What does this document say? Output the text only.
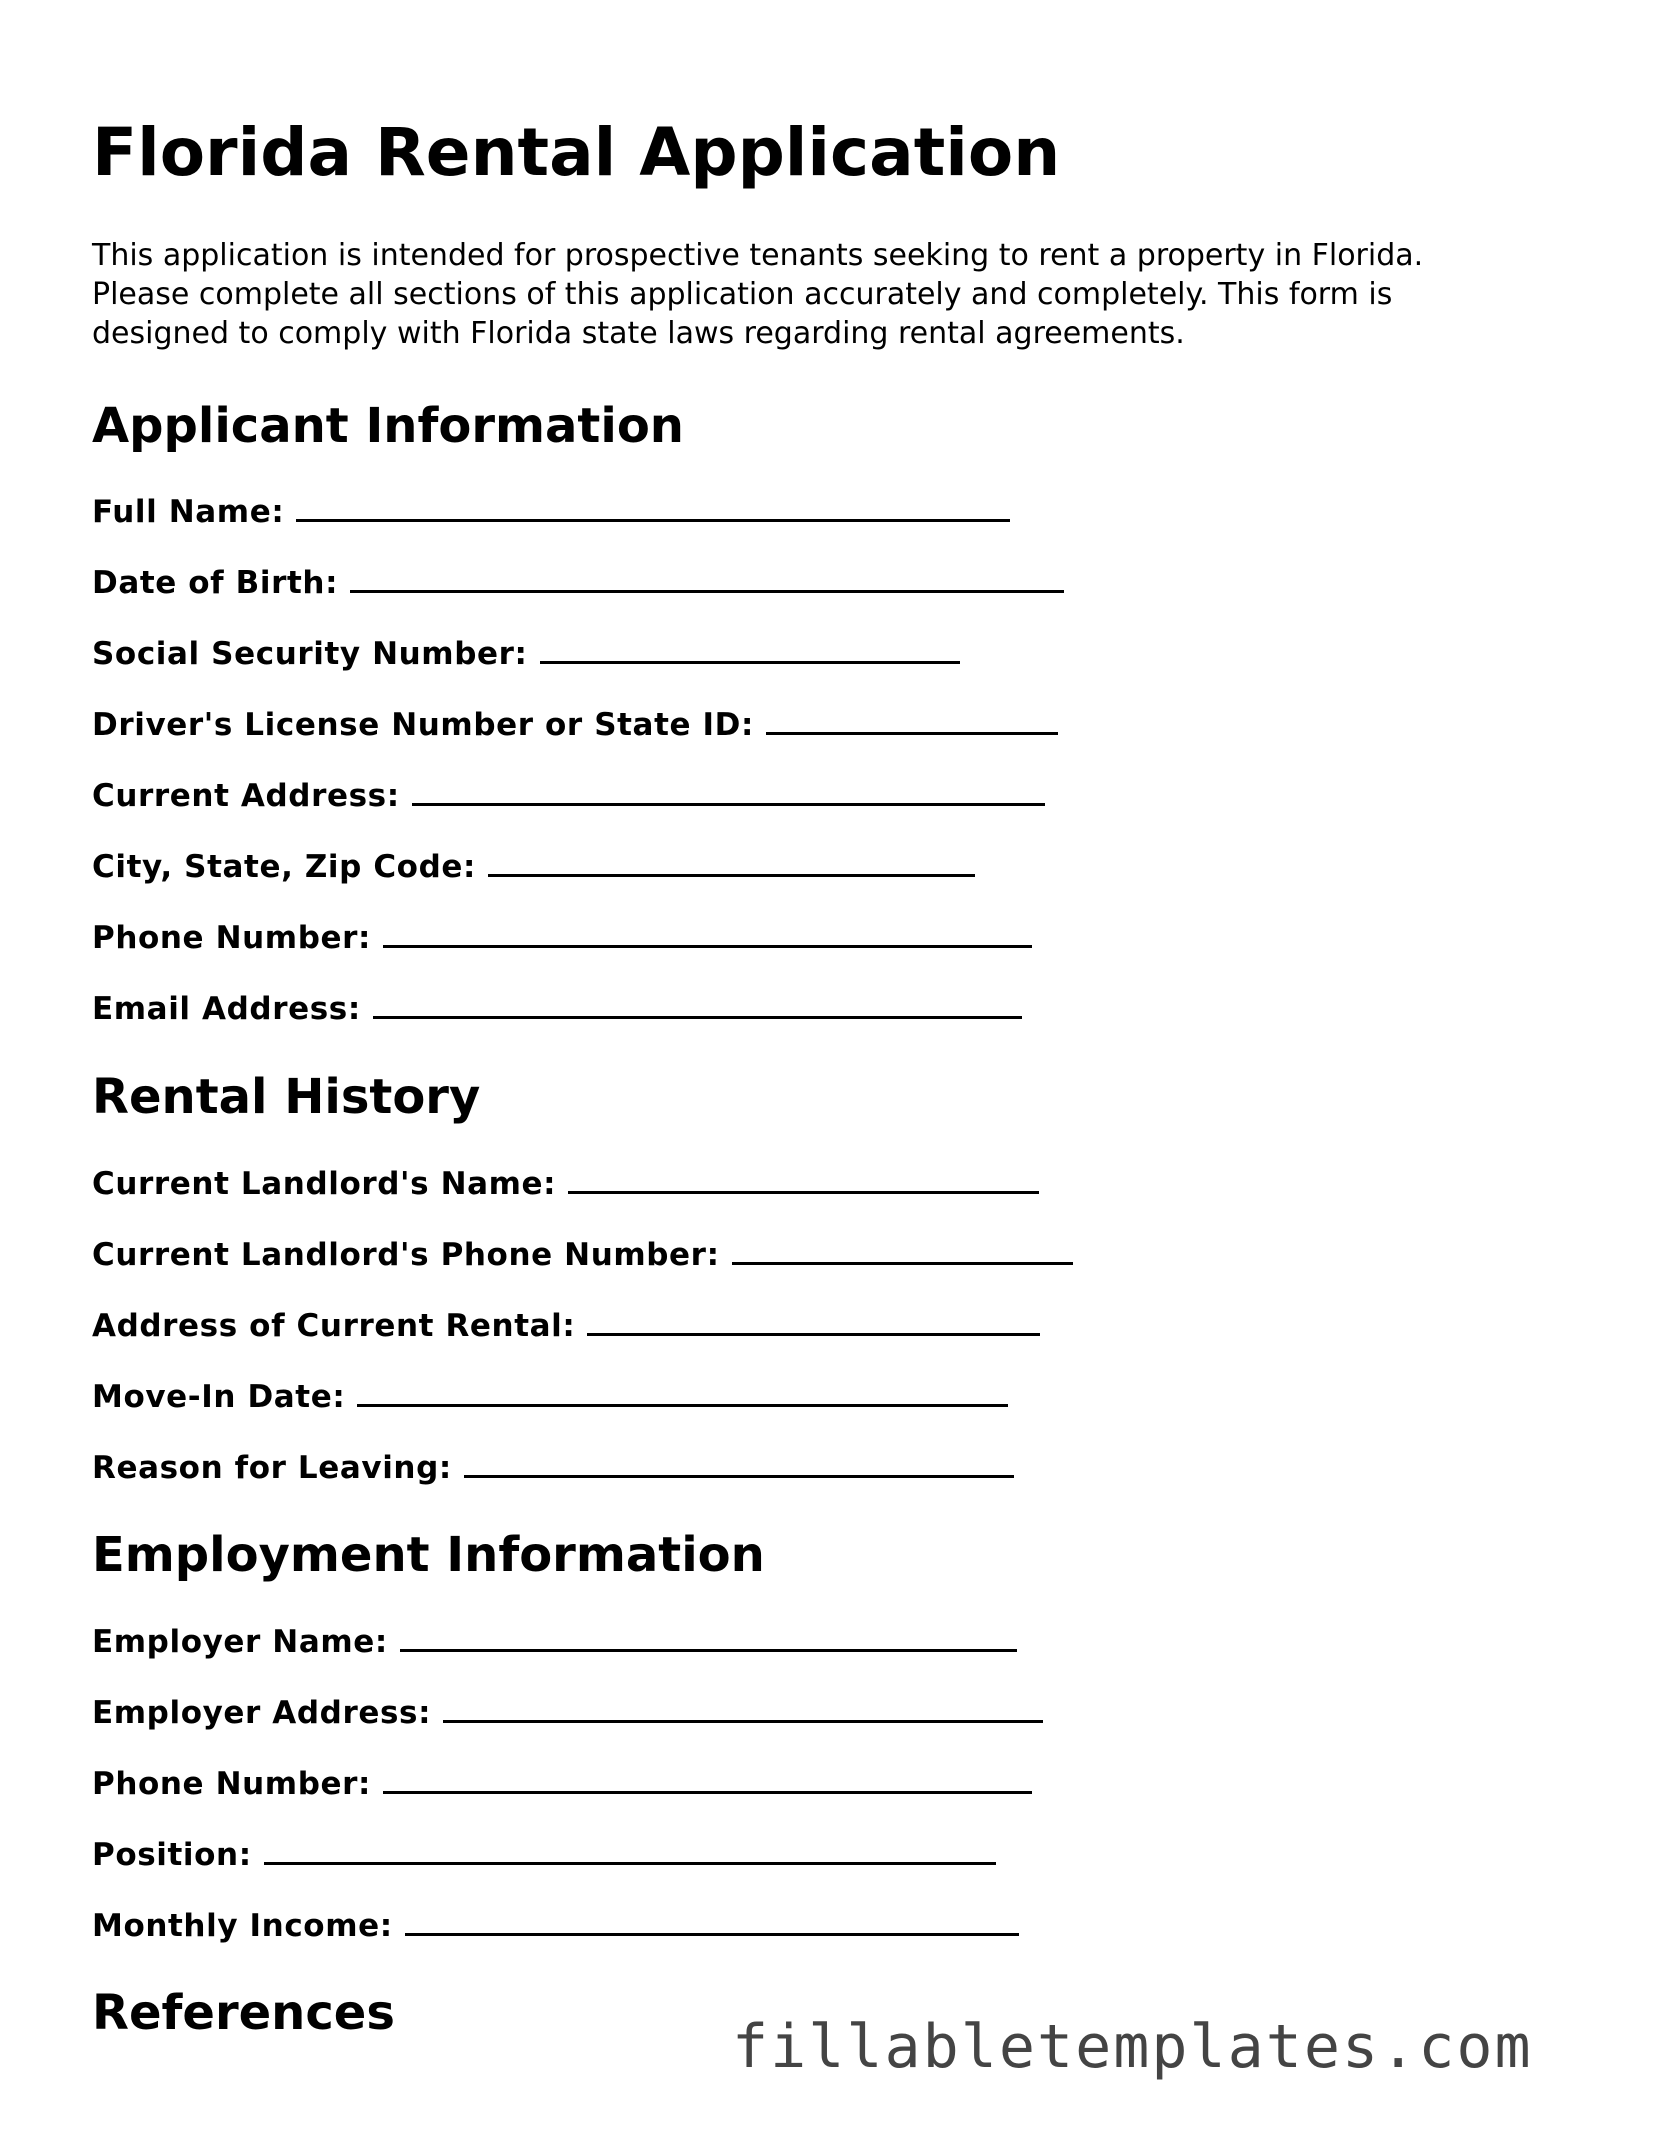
Florida Rental Application

This application is intended for prospective tenants seeking to rent a property in Florida.
Please complete all sections of this application accurately and completely. This form is
designed to comply with Florida state laws regarding rental agreements.

Applicant Information
Full Name:
Date of Birth:
Social Security Number:
Driver's License Number or State ID:
Current Address:
City, State, Zip Code:
Phone Number:
Email Address:
Rental History
Current Landlord's Name:
Current Landlord's Phone Number:
Address of Current Rental:
Move-In Date:
Reason for Leaving:
Employment Information
Employer Name:
Employer Address:
Phone Number:
Position:
Monthly Income:
References	fillabletemplates.com
